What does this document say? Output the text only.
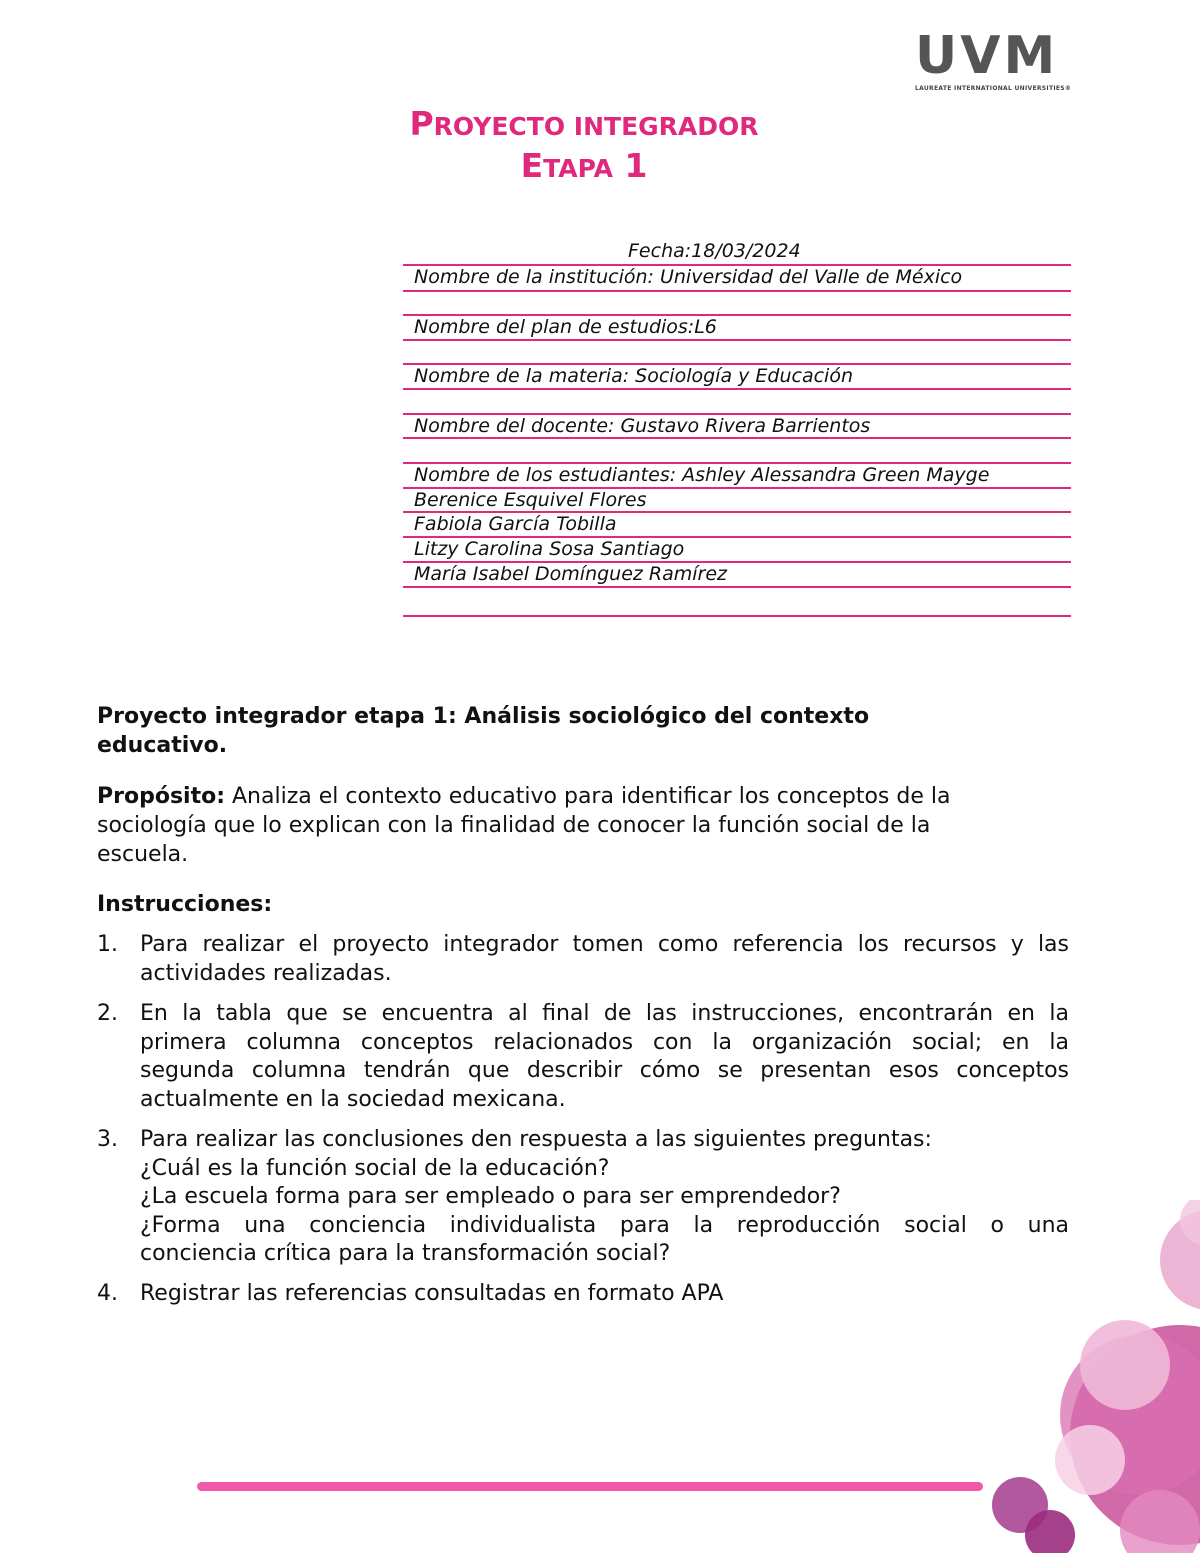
UVM
LAUREATE INTERNATIONAL UNIVERSITIES®
PROYECTO INTEGRADOR
ETAPA 1
Fecha:18/03/2024
Nombre de la institución: Universidad del Valle de México
Nombre del plan de estudios:L6
Nombre de la materia: Sociología y Educación
Nombre del docente: Gustavo Rivera Barrientos
Nombre de los estudiantes: Ashley Alessandra Green Mayge
Berenice Esquivel Flores
Fabiola García Tobilla
Litzy Carolina Sosa Santiago
María Isabel Domínguez Ramírez
Proyecto integrador etapa 1: Análisis sociológico del contexto
educativo.
Propósito: Analiza el contexto educativo para identificar los conceptos de la
sociología que lo explican con la finalidad de conocer la función social de la
escuela.
Instrucciones:
1. Para realizar el proyecto integrador tomen como referencia los recursos y las
actividades realizadas.
2. En la tabla que se encuentra al final de las instrucciones, encontrarán en la
primera columna conceptos relacionados con la organización social; en la
segunda columna tendrán que describir cómo se presentan esos conceptos
actualmente en la sociedad mexicana.
3. Para realizar las conclusiones den respuesta a las siguientes preguntas:
¿Cuál es la función social de la educación?
¿La escuela forma para ser empleado o para ser emprendedor?
¿Forma una conciencia individualista para la reproducción social o una
conciencia crítica para la transformación social?
4. Registrar las referencias consultadas en formato APA
